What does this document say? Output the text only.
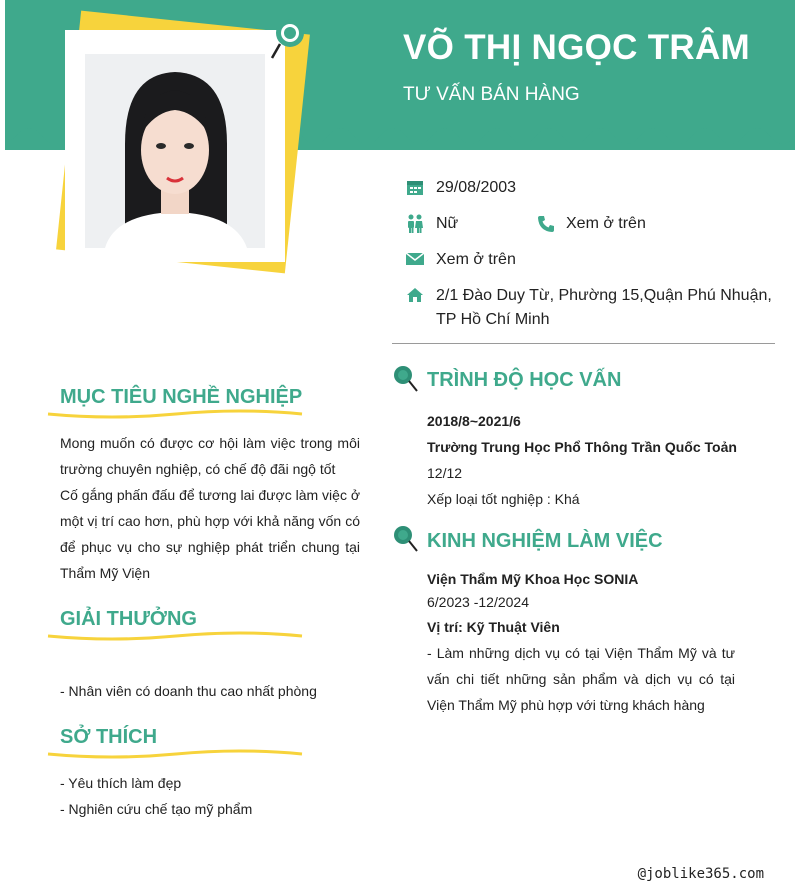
VÕ THỊ NGỌC TRÂM
TƯ VẤN BÁN HÀNG
29/08/2003
Nữ	Xem ở trên
Xem ở trên
2/1 Đào Duy Từ, Phường 15,Quận Phú Nhuận, TP Hồ Chí Minh
MỤC TIÊU NGHỀ NGHIỆP
Mong muốn có được cơ hội làm việc trong môi trường chuyên nghiệp, có chế độ đãi ngộ tốt
Cố gắng phấn đấu để tương lai được làm việc ở một vị trí cao hơn, phù hợp với khả năng vốn có để phục vụ cho sự nghiệp phát triển chung tại Thẩm Mỹ Viện
GIẢI THƯỞNG
- Nhân viên có doanh thu cao nhất phòng
SỞ THÍCH
- Yêu thích làm đẹp
- Nghiên cứu chế tạo mỹ phẩm
TRÌNH ĐỘ HỌC VẤN
2018/8~2021/6
Trường Trung Học Phổ Thông Trần Quốc Toản
12/12
Xếp loại tốt nghiệp : Khá
KINH NGHIỆM LÀM VIỆC
Viện Thẩm Mỹ Khoa Học SONIA
6/2023 -12/2024
Vị trí: Kỹ Thuật Viên
- Làm những dịch vụ có tại Viện Thẩm Mỹ và tư vấn chi tiết những sản phẩm và dịch vụ có tại Viện Thẩm Mỹ phù hợp với từng khách hàng
@joblike365.com
